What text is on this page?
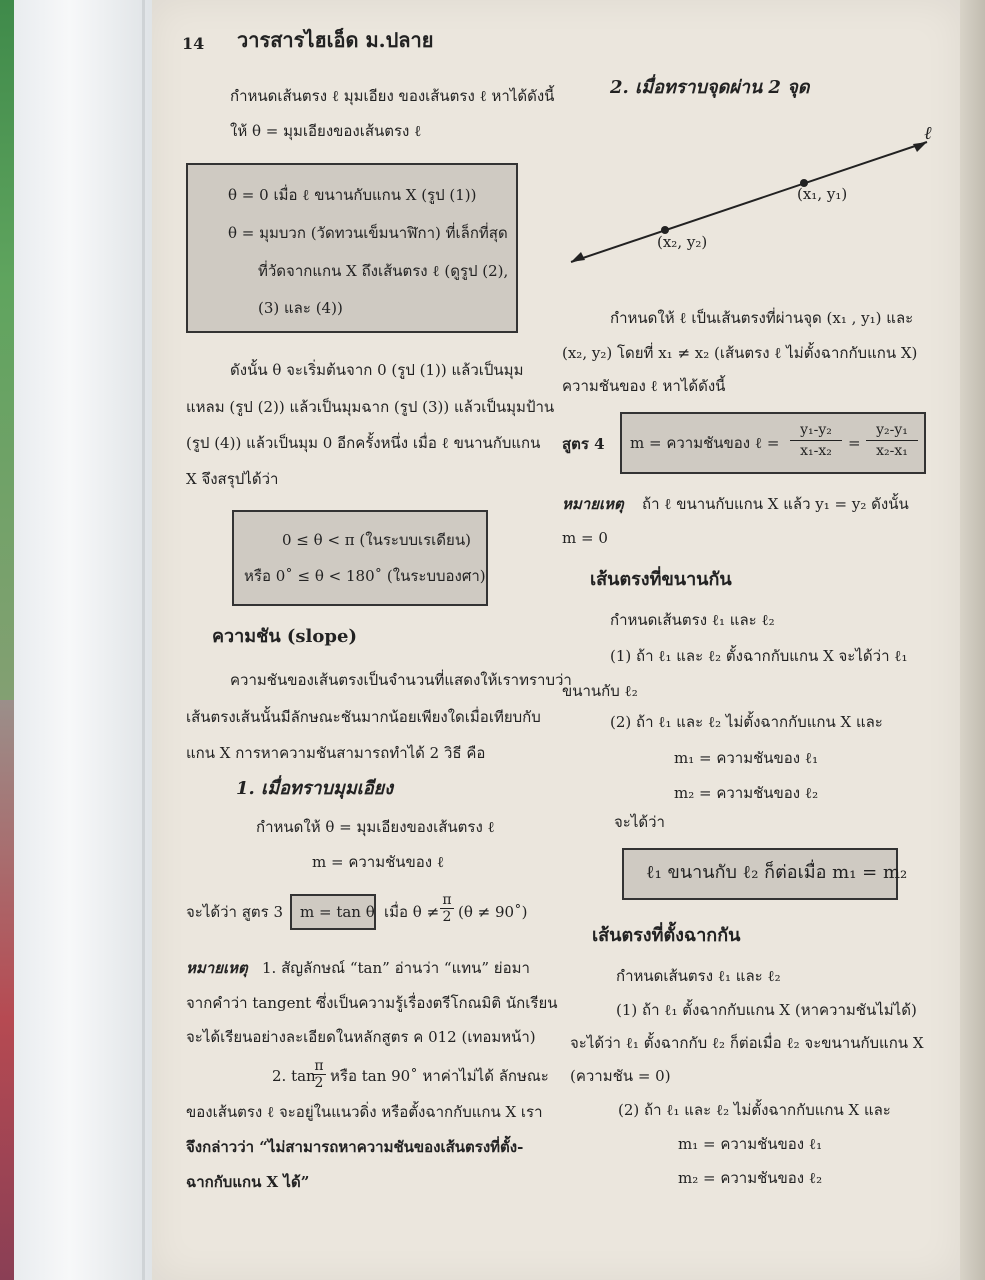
14 วารสารไฮเอ็ด ม.ปลาย
กำหนดเส้นตรง ℓ มุมเอียง ของเส้นตรง ℓ หาได้ดังนี้
ให้ θ = มุมเอียงของเส้นตรง ℓ
θ = 0 เมื่อ ℓ ขนานกับแกน X (รูป (1))
θ = มุมบวก (วัดทวนเข็มนาฬิกา) ที่เล็กที่สุด
ที่วัดจากแกน X ถึงเส้นตรง ℓ (ดูรูป (2),
(3) และ (4))
ดังนั้น θ จะเริ่มต้นจาก 0 (รูป (1)) แล้วเป็นมุม
แหลม (รูป (2)) แล้วเป็นมุมฉาก (รูป (3)) แล้วเป็นมุมป้าน
(รูป (4)) แล้วเป็นมุม 0 อีกครั้งหนึ่ง เมื่อ ℓ ขนานกับแกน
X จึงสรุปได้ว่า
0 ≤ θ < π (ในระบบเรเดียน)
หรือ 0˚ ≤ θ < 180˚ (ในระบบองศา)
ความชัน (slope)
ความชันของเส้นตรงเป็นจำนวนที่แสดงให้เราทราบว่า
เส้นตรงเส้นนั้นมีลักษณะชันมากน้อยเพียงใดเมื่อเทียบกับ
แกน X การหาความชันสามารถทำได้ 2 วิธี คือ
1. เมื่อทราบมุมเอียง
กำหนดให้ θ = มุมเอียงของเส้นตรง ℓ
m = ความชันของ ℓ
จะได้ว่า สูตร 3 m = tan θ เมื่อ $\theta \ne \frac{\pi}{2} (\theta$ ≠ 90˚)
หมายเหตุ 1. สัญลักษณ์ “tan” อ่านว่า “แทน” ย่อมา
จากคำว่า tangent ซึ่งเป็นความรู้เรื่องตรีโกณมิติ นักเรียน
จะได้เรียนอย่างละเอียดในหลักสูตร ค 012 (เทอมหน้า)
2. tan
$\frac{\pi}{2}$ หรือ tan 90˚ หาค่าไม่ได้ ลักษณะ
ของเส้นตรง ℓ จะอยู่ในแนวดิ่ง หรือตั้งฉากกับแกน X เรา
จึงกล่าวว่า “ไม่สามารถหาความชันของเส้นตรงที่ตั้ง-
ฉากกับแกน X ได้”
2. เมื่อทราบจุดผ่าน 2 จุด
ℓ
(x₁, y₁)
(x₂, y₂)
กำหนดให้ ℓ เป็นเส้นตรงที่ผ่านจุด (x₁ , y₁) และ
(x₂, y₂) โดยที่ x₁ ≠ x₂ (เส้นตรง ℓ ไม่ตั้งฉากกับแกน X)
ความชันของ ℓ หาได้ดังนี้
สูตร 4 m = ความชันของ ℓ = $\frac{\text{y₁-y₂}}{\text{x₁-x₂}} = \frac{\text{y₂-y₁}}{\text{x₂-x₁}}$
หมายเหตุ ถ้า ℓ ขนานกับแกน X แล้ว y₁ = y₂ ดังนั้น
m = 0
เส้นตรงที่ขนานกัน
กำหนดเส้นตรง ℓ₁ และ ℓ₂
(1) ถ้า ℓ₁ และ ℓ₂ ตั้งฉากกับแกน X จะได้ว่า ℓ₁
ขนานกับ ℓ₂
(2) ถ้า ℓ₁ และ ℓ₂ ไม่ตั้งฉากกับแกน X และ
m₁ = ความชันของ ℓ₁
m₂ = ความชันของ ℓ₂
จะได้ว่า
ℓ₁ ขนานกับ ℓ₂ ก็ต่อเมื่อ m₁ = m₂
เส้นตรงที่ตั้งฉากกัน
กำหนดเส้นตรง ℓ₁ และ ℓ₂
(1) ถ้า ℓ₁ ตั้งฉากกับแกน X (หาความชันไม่ได้)
จะได้ว่า ℓ₁ ตั้งฉากกับ ℓ₂ ก็ต่อเมื่อ ℓ₂ จะขนานกับแกน X
(ความชัน = 0)
(2) ถ้า ℓ₁ และ ℓ₂ ไม่ตั้งฉากกับแกน X และ
m₁ = ความชันของ ℓ₁
m₂ = ความชันของ ℓ₂
